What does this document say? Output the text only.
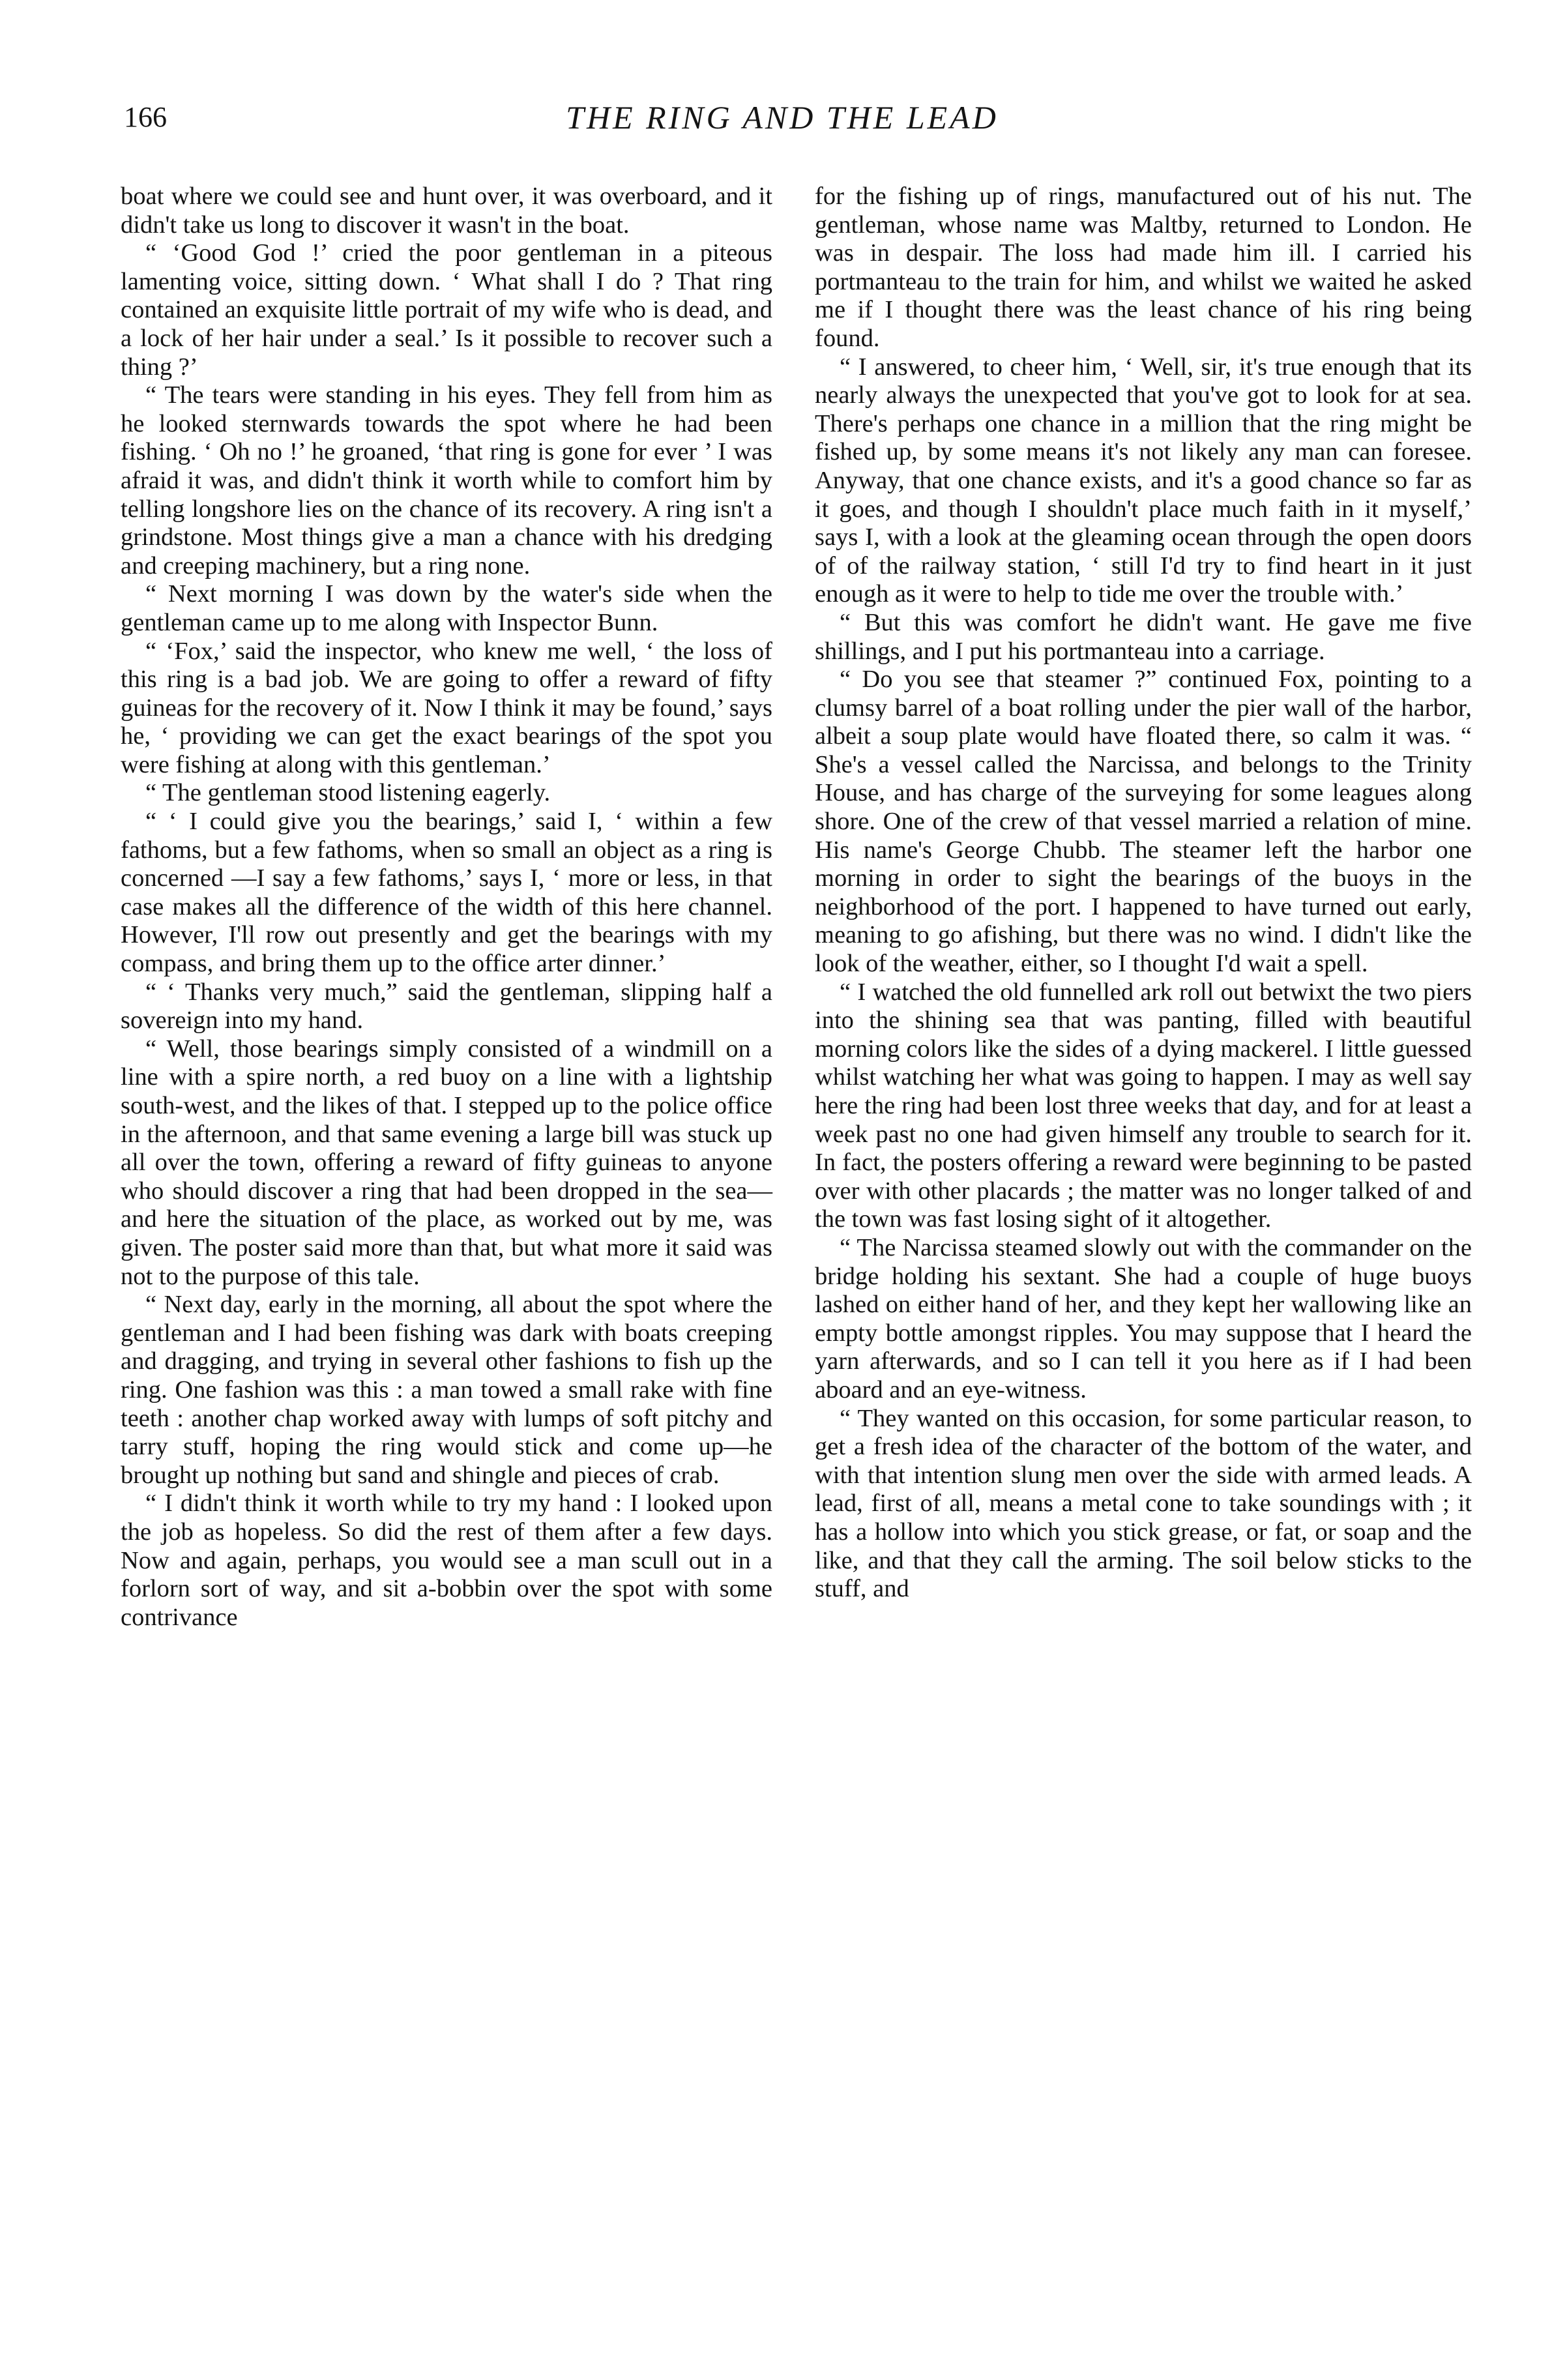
166	THE RING AND THE LEAD

boat where we could see and hunt over, it was overboard, and it didn't take us long to discover it wasn't in the boat.

“ ‘Good God !’ cried the poor gentleman in a piteous lamenting voice, sitting down. ‘ What shall I do ? That ring contained an exquisite little portrait of my wife who is dead, and a lock of her hair under a seal.’ Is it possible to recover such a thing ?’

“ The tears were standing in his eyes. They fell from him as he looked sternwards towards the spot where he had been fishing. ‘ Oh no !’ he groaned, ‘that ring is gone for ever ’ I was afraid it was, and didn't think it worth while to comfort him by telling longshore lies on the chance of its recovery. A ring isn't a grindstone. Most things give a man a chance with his dredging and creeping machinery, but a ring none.

“ Next morning I was down by the water's side when the gentleman came up to me along with Inspector Bunn.

“ ‘Fox,’ said the inspector, who knew me well, ‘ the loss of this ring is a bad job. We are going to offer a reward of fifty guineas for the recovery of it. Now I think it may be found,’ says he, ‘ providing we can get the exact bearings of the spot you were fishing at along with this gentleman.’

“ The gentleman stood listening eagerly.

“ ‘ I could give you the bearings,’ said I, ‘ within a few fathoms, but a few fathoms, when so small an object as a ring is concerned —I say a few fathoms,’ says I, ‘ more or less, in that case makes all the difference of the width of this here channel. However, I'll row out presently and get the bearings with my compass, and bring them up to the office arter dinner.’

“ ‘ Thanks very much,” said the gentleman, slipping half a sovereign into my hand.

“ Well, those bearings simply consisted of a windmill on a line with a spire north, a red buoy on a line with a lightship south-west, and the likes of that. I stepped up to the police office in the afternoon, and that same evening a large bill was stuck up all over the town, offering a reward of fifty guineas to anyone who should discover a ring that had been dropped in the sea—and here the situation of the place, as worked out by me, was given. The poster said more than that, but what more it said was not to the purpose of this tale.

“ Next day, early in the morning, all about the spot where the gentleman and I had been fishing was dark with boats creeping and dragging, and trying in several other fashions to fish up the ring. One fashion was this : a man towed a small rake with fine teeth : another chap worked away with lumps of soft pitchy and tarry stuff, hoping the ring would stick and come up—he brought up nothing but sand and shingle and pieces of crab.

“ I didn't think it worth while to try my hand : I looked upon the job as hopeless. So did the rest of them after a few days. Now and again, perhaps, you would see a man scull out in a forlorn sort of way, and sit a-bobbin over the spot with some contrivance

for the fishing up of rings, manufactured out of his nut. The gentleman, whose name was Maltby, returned to London. He was in despair. The loss had made him ill. I carried his portmanteau to the train for him, and whilst we waited he asked me if I thought there was the least chance of his ring being found.

“ I answered, to cheer him, ‘ Well, sir, it's true enough that its nearly always the unexpected that you've got to look for at sea. There's perhaps one chance in a million that the ring might be fished up, by some means it's not likely any man can foresee. Anyway, that one chance exists, and it's a good chance so far as it goes, and though I shouldn't place much faith in it myself,’ says I, with a look at the gleaming ocean through the open doors of of the railway station, ‘ still I'd try to find heart in it just enough as it were to help to tide me over the trouble with.’

“ But this was comfort he didn't want. He gave me five shillings, and I put his portmanteau into a carriage.

“ Do you see that steamer ?” continued Fox, pointing to a clumsy barrel of a boat rolling under the pier wall of the harbor, albeit a soup plate would have floated there, so calm it was. “ She's a vessel called the Narcissa, and belongs to the Trinity House, and has charge of the surveying for some leagues along shore. One of the crew of that vessel married a relation of mine. His name's George Chubb. The steamer left the harbor one morning in order to sight the bearings of the buoys in the neighborhood of the port. I happened to have turned out early, meaning to go afishing, but there was no wind. I didn't like the look of the weather, either, so I thought I'd wait a spell.

“ I watched the old funnelled ark roll out betwixt the two piers into the shining sea that was panting, filled with beautiful morning colors like the sides of a dying mackerel. I little guessed whilst watching her what was going to happen. I may as well say here the ring had been lost three weeks that day, and for at least a week past no one had given himself any trouble to search for it. In fact, the posters offering a reward were beginning to be pasted over with other placards ; the matter was no longer talked of and the town was fast losing sight of it altogether.

“ The Narcissa steamed slowly out with the commander on the bridge holding his sextant. She had a couple of huge buoys lashed on either hand of her, and they kept her wallowing like an empty bottle amongst ripples. You may suppose that I heard the yarn afterwards, and so I can tell it you here as if I had been aboard and an eye-witness.

“ They wanted on this occasion, for some particular reason, to get a fresh idea of the character of the bottom of the water, and with that intention slung men over the side with armed leads. A lead, first of all, means a metal cone to take soundings with ; it has a hollow into which you stick grease, or fat, or soap and the like, and that they call the arming. The soil below sticks to the stuff, and
